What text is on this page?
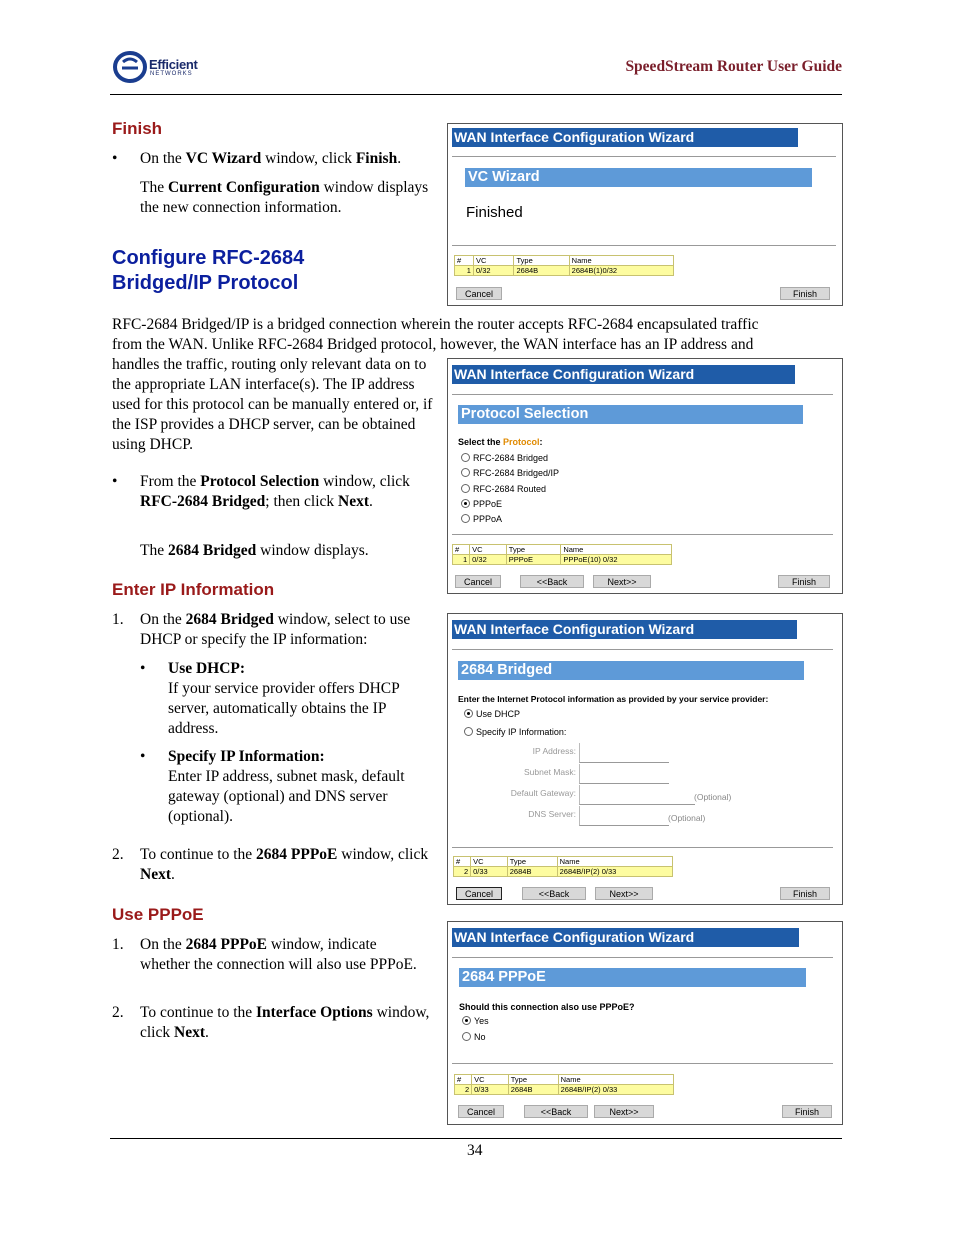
Efficient
NETWORKS	SpeedStream Router User Guide
Finish
• On the VC Wizard window, click Finish.
The Current Configuration window displays the new connection information.
Configure RFC-2684
Bridged/IP Protocol
RFC-2684 Bridged/IP is a bridged connection wherein the router accepts RFC-2684 encapsulated traffic
from the WAN. Unlike RFC-2684 Bridged protocol, however, the WAN interface has an IP address and
handles the traffic, routing only relevant data on to the appropriate LAN interface(s). The IP address used for this protocol can be manually entered or, if the ISP provides a DHCP server, can be obtained using DHCP.
• From the Protocol Selection window, click RFC-2684 Bridged; then click Next.
The 2684 Bridged window displays.
Enter IP Information
1. On the 2684 Bridged window, select to use DHCP or specify the IP information:
• Use DHCP:
If your service provider offers DHCP server, automatically obtains the IP address.
• Specify IP Information:
Enter IP address, subnet mask, default gateway (optional) and DNS server (optional).
2. To continue to the 2684 PPPoE window, click Next.
Use PPPoE
1. On the 2684 PPPoE window, indicate whether the connection will also use PPPoE.
2. To continue to the Interface Options window, click Next.
WAN Interface Configuration Wizard
VC Wizard
Finished
#	VC	Type	Name
1	0/32	2684B	2684B(1)0/32
Cancel	Finish
WAN Interface Configuration Wizard
Protocol Selection
Select the Protocol:
RFC-2684 Bridged
RFC-2684 Bridged/IP
RFC-2684 Routed
PPPoE
PPPoA
#	VC	Type	Name
1	0/32	PPPoE	PPPoE(10) 0/32
Cancel	<<Back	Next>>	Finish
WAN Interface Configuration Wizard
2684 Bridged
Enter the Internet Protocol information as provided by your service provider:
Use DHCP
Specify IP Information:
IP Address:
Subnet Mask:
Default Gateway:	(Optional)
DNS Server:	(Optional)
#	VC	Type	Name
2	0/33	2684B	2684B/IP(2) 0/33
Cancel	<<Back	Next>>	Finish
WAN Interface Configuration Wizard
2684 PPPoE
Should this connection also use PPPoE?
Yes
No
#	VC	Type	Name
2	0/33	2684B	2684B/IP(2) 0/33
Cancel	<<Back	Next>>	Finish
34
